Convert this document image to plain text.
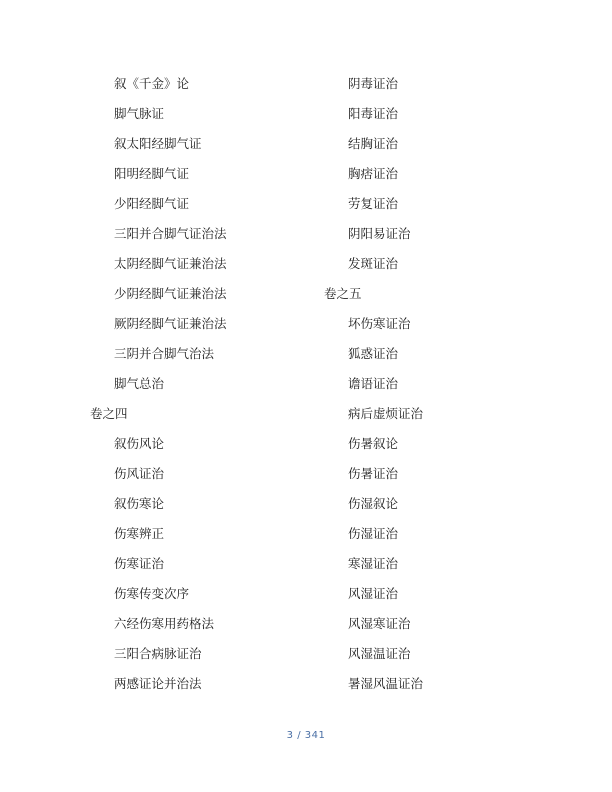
叙《千金》论
脚气脉证
叙太阳经脚气证
阳明经脚气证
少阳经脚气证
三阳并合脚气证治法
太阴经脚气证兼治法
少阴经脚气证兼治法
厥阴经脚气证兼治法
三阴并合脚气治法
脚气总治
卷之四
叙伤风论
伤风证治
叙伤寒论
伤寒辨正
伤寒证治
伤寒传变次序
六经伤寒用药格法
三阳合病脉证治
两感证论并治法
阴毒证治
阳毒证治
结胸证治
胸痞证治
劳复证治
阴阳易证治
发斑证治
卷之五
坏伤寒证治
狐惑证治
谵语证治
病后虚烦证治
伤暑叙论
伤暑证治
伤湿叙论
伤湿证治
寒湿证治
风湿证治
风湿寒证治
风湿温证治
暑湿风温证治
3 / 341
